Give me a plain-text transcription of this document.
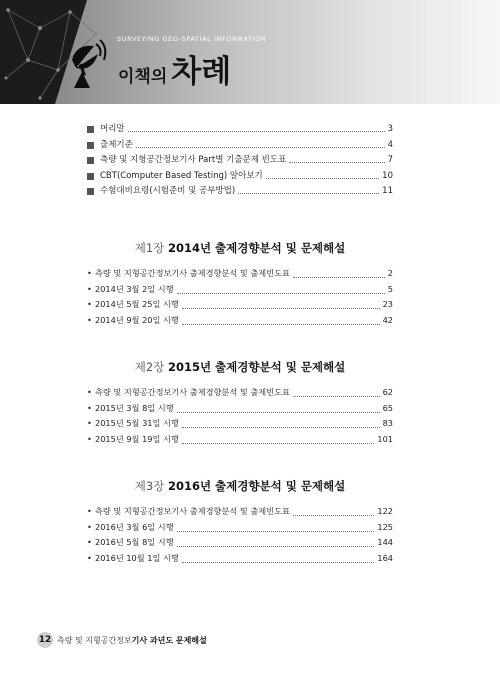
SURVEYING GEO-SPATIAL INFORMATION
이책의 차례
머리말	3
출제기준	4
측량 및 지형공간정보기사 Part별 기출문제 빈도표	7
CBT(Computer Based Testing) 알아보기	10
수험대비요령(시험준비 및 공부방법)	11
제1장 2014년 출제경향분석 및 문제해설
• 측량 및 지형공간정보기사 출제경향분석 및 출제빈도표	2
• 2014년 3월 2일 시행	5
• 2014년 5월 25일 시행	23
• 2014년 9월 20일 시행	42
제2장 2015년 출제경향분석 및 문제해설
• 측량 및 지형공간정보기사 출제경향분석 및 출제빈도표	62
• 2015년 3월 8일 시행	65
• 2015년 5월 31일 시행	83
• 2015년 9월 19일 시행	101
제3장 2016년 출제경향분석 및 문제해설
• 측량 및 지형공간정보기사 출제경향분석 및 출제빈도표	122
• 2016년 3월 6일 시행	125
• 2016년 5월 8일 시행	144
• 2016년 10월 1일 시행	164
12 측량 및 지형공간정보기사 과년도 문제해설
